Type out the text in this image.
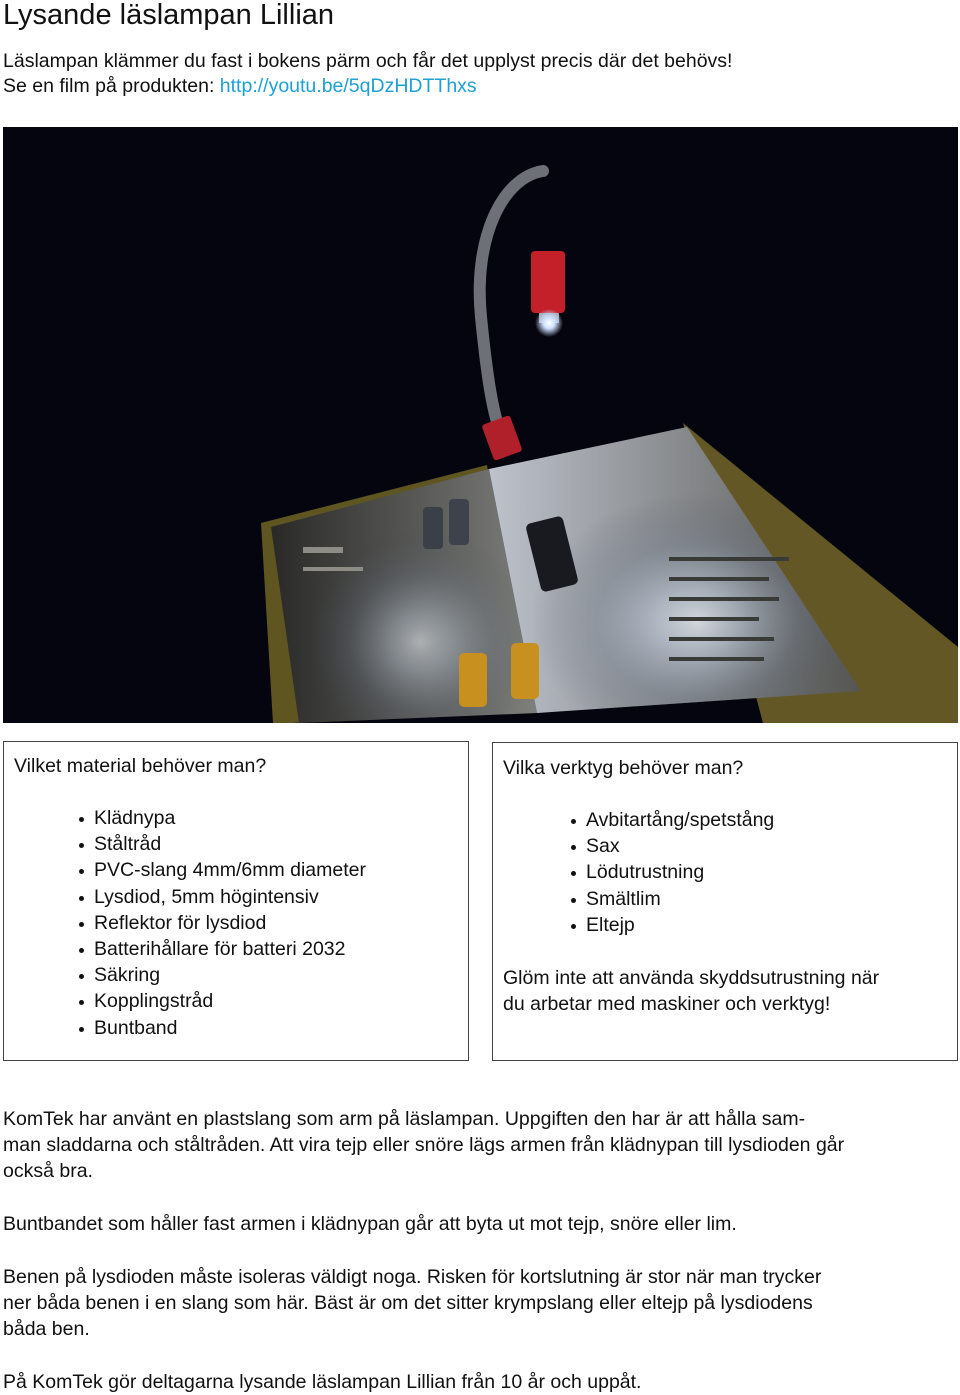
Lysande läslampan Lillian
Läslampan klämmer du fast i bokens pärm och får det upplyst precis där det behövs!
Se en film på produkten: http://youtu.be/5qDzHDTThxs
Vilket material behöver man?
Klädnypa
Ståltråd
PVC-slang 4mm/6mm diameter
Lysdiod, 5mm högintensiv
Reflektor för lysdiod
Batterihållare för batteri 2032
Säkring
Kopplingstråd
Buntband
Vilka verktyg behöver man?
Avbitartång/spetstång
Sax
Lödutrustning
Smältlim
Eltejp
Glöm inte att använda skyddsutrustning när
du arbetar med maskiner och verktyg!
KomTek har använt en plastslang som arm på läslampan. Uppgiften den har är att hålla sam-
man sladdarna och ståltråden. Att vira tejp eller snöre lägs armen från klädnypan till lysdioden går
också bra.
Buntbandet som håller fast armen i klädnypan går att byta ut mot tejp, snöre eller lim.
Benen på lysdioden måste isoleras väldigt noga. Risken för kortslutning är stor när man trycker
ner båda benen i en slang som här. Bäst är om det sitter krympslang eller eltejp på lysdiodens
båda ben.
På KomTek gör deltagarna lysande läslampan Lillian från 10 år och uppåt.
